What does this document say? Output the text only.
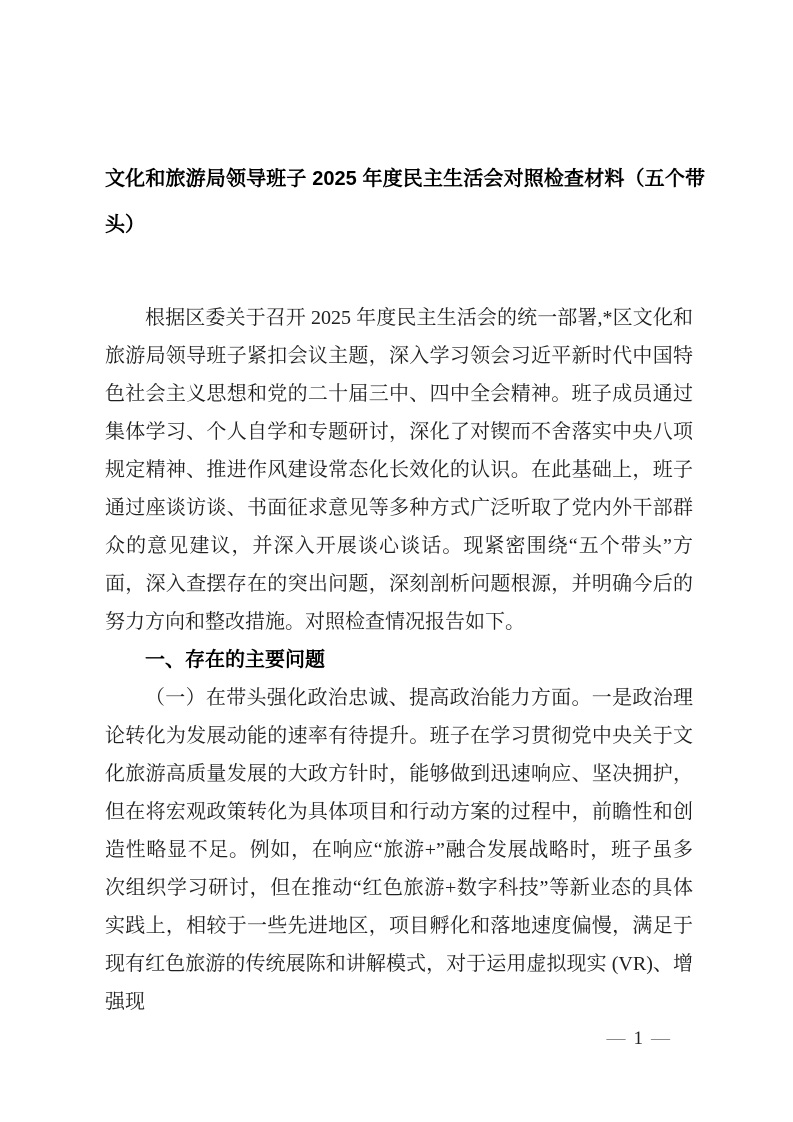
文化和旅游局领导班子 2025 年度民主生活会对照检查材料（五个带头）

根据区委关于召开 2025 年度民主生活会的统一部署,*区文化和旅游局领导班子紧扣会议主题，深入学习领会习近平新时代中国特色社会主义思想和党的二十届三中、四中全会精神。班子成员通过集体学习、个人自学和专题研讨，深化了对锲而不舍落实中央八项规定精神、推进作风建设常态化长效化的认识。在此基础上，班子通过座谈访谈、书面征求意见等多种方式广泛听取了党内外干部群众的意见建议，并深入开展谈心谈话。现紧密围绕“五个带头”方面，深入查摆存在的突出问题，深刻剖析问题根源，并明确今后的努力方向和整改措施。对照检查情况报告如下。

一、存在的主要问题

（一）在带头强化政治忠诚、提高政治能力方面。一是政治理论转化为发展动能的速率有待提升。班子在学习贯彻党中央关于文化旅游高质量发展的大政方针时，能够做到迅速响应、坚决拥护，但在将宏观政策转化为具体项目和行动方案的过程中，前瞻性和创造性略显不足。例如，在响应“旅游+”融合发展战略时，班子虽多次组织学习研讨，但在推动“红色旅游+数字科技”等新业态的具体实践上，相较于一些先进地区，项目孵化和落地速度偏慢，满足于现有红色旅游的传统展陈和讲解模式，对于运用虚拟现实 (VR)、增强现

— 1 —
